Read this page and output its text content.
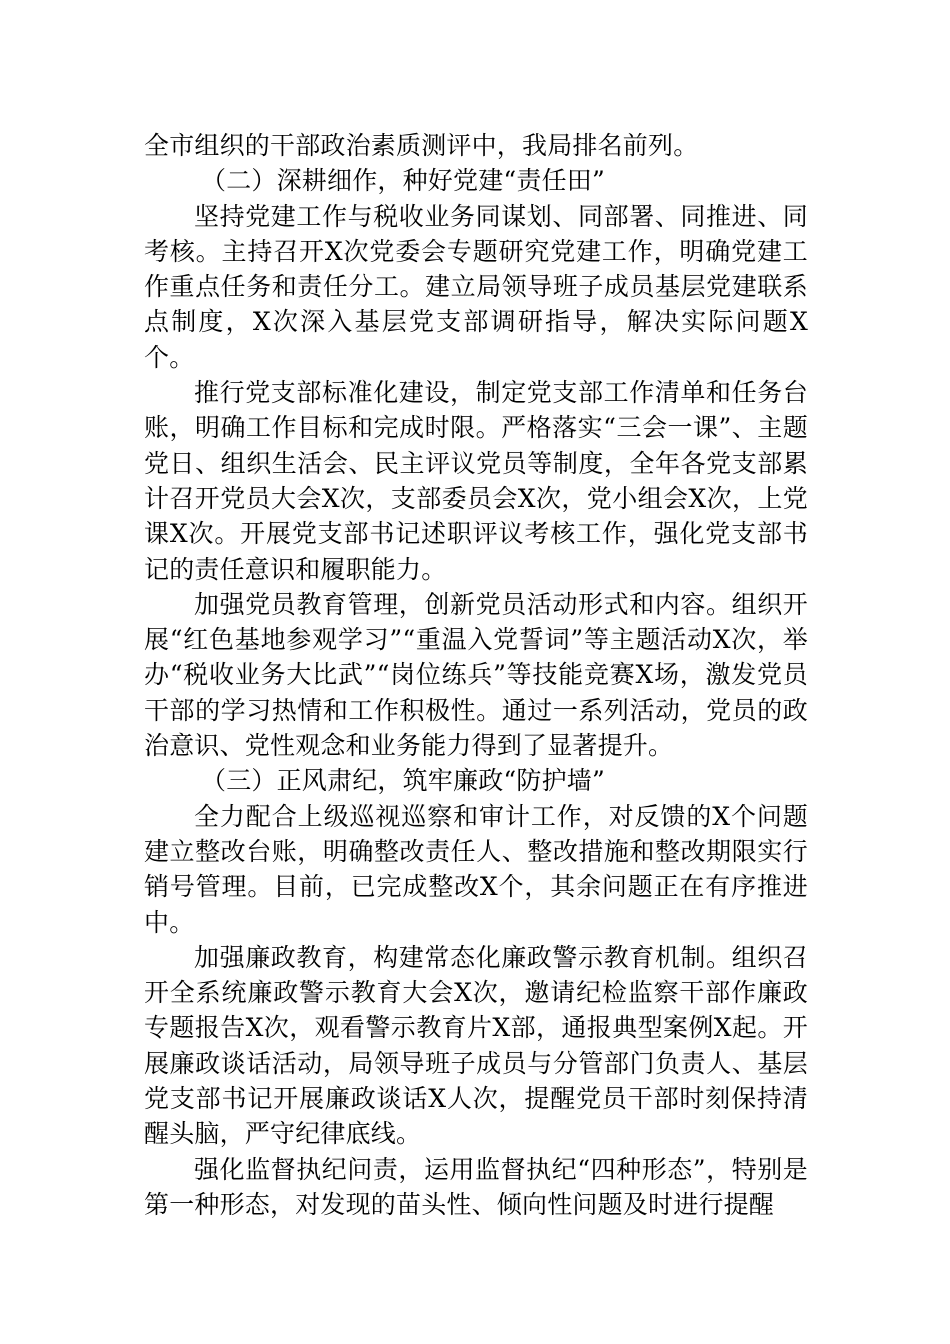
全市组织的干部政治素质测评中，我局排名前列。

（二）深耕细作，种好党建“责任田”

坚持党建工作与税收业务同谋划、同部署、同推进、同考核。主持召开X次党委会专题研究党建工作，明确党建工作重点任务和责任分工。建立局领导班子成员基层党建联系点制度，X次深入基层党支部调研指导，解决实际问题X个。

推行党支部标准化建设，制定党支部工作清单和任务台账，明确工作目标和完成时限。严格落实“三会一课”、主题党日、组织生活会、民主评议党员等制度，全年各党支部累计召开党员大会X次，支部委员会X次，党小组会X次，上党课X次。开展党支部书记述职评议考核工作，强化党支部书记的责任意识和履职能力。

加强党员教育管理，创新党员活动形式和内容。组织开展“红色基地参观学习”“重温入党誓词”等主题活动X次，举办“税收业务大比武”“岗位练兵”等技能竞赛X场，激发党员干部的学习热情和工作积极性。通过一系列活动，党员的政治意识、党性观念和业务能力得到了显著提升。

（三）正风肃纪，筑牢廉政“防护墙”

全力配合上级巡视巡察和审计工作，对反馈的X个问题建立整改台账，明确整改责任人、整改措施和整改期限实行销号管理。目前，已完成整改X个，其余问题正在有序推进中。

加强廉政教育，构建常态化廉政警示教育机制。组织召开全系统廉政警示教育大会X次，邀请纪检监察干部作廉政专题报告X次，观看警示教育片X部，通报典型案例X起。开展廉政谈话活动，局领导班子成员与分管部门负责人、基层党支部书记开展廉政谈话X人次，提醒党员干部时刻保持清醒头脑，严守纪律底线。

强化监督执纪问责，运用监督执纪“四种形态”，特别是第一种形态，对发现的苗头性、倾向性问题及时进行提醒
